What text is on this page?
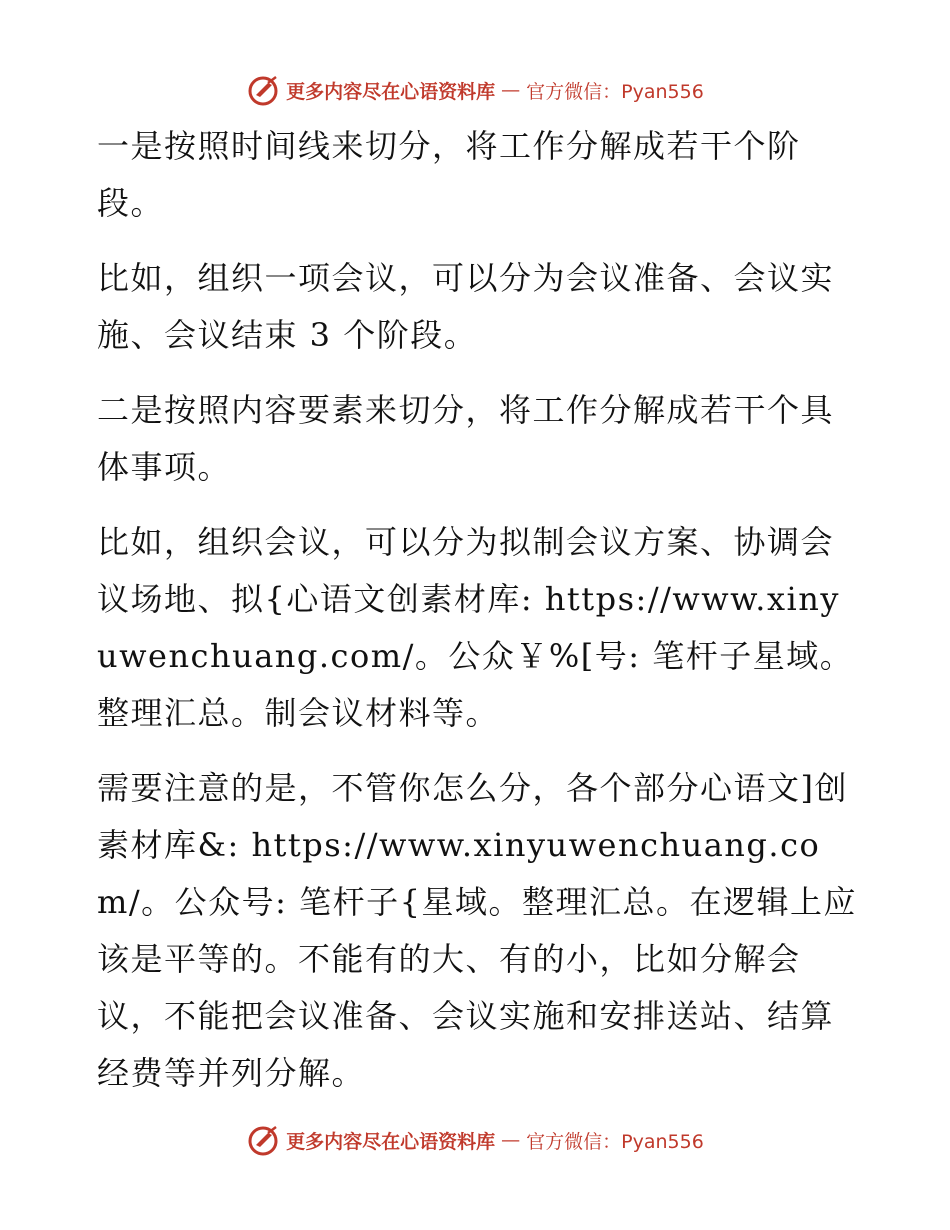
更多内容尽在心语资料库 — 官方微信：Pyan556

一是按照时间线来切分，将工作分解成若干个阶段。

比如，组织一项会议，可以分为会议准备、会议实施、会议结束 3 个阶段。

二是按照内容要素来切分，将工作分解成若干个具体事项。

比如，组织会议，可以分为拟制会议方案、协调会议场地、拟{心语文创素材库: https://www.xinyuwenchuang.com/。公众￥%[号: 笔杆子星域。整理汇总。制会议材料等。

需要注意的是，不管你怎么分，各个部分心语文]创素材库&: https://www.xinyuwenchuang.com/。公众号: 笔杆子{星域。整理汇总。在逻辑上应该是平等的。不能有的大、有的小，比如分解会议，不能把会议准备、会议实施和安排送站、结算经费等并列分解。

更多内容尽在心语资料库 — 官方微信：Pyan556
